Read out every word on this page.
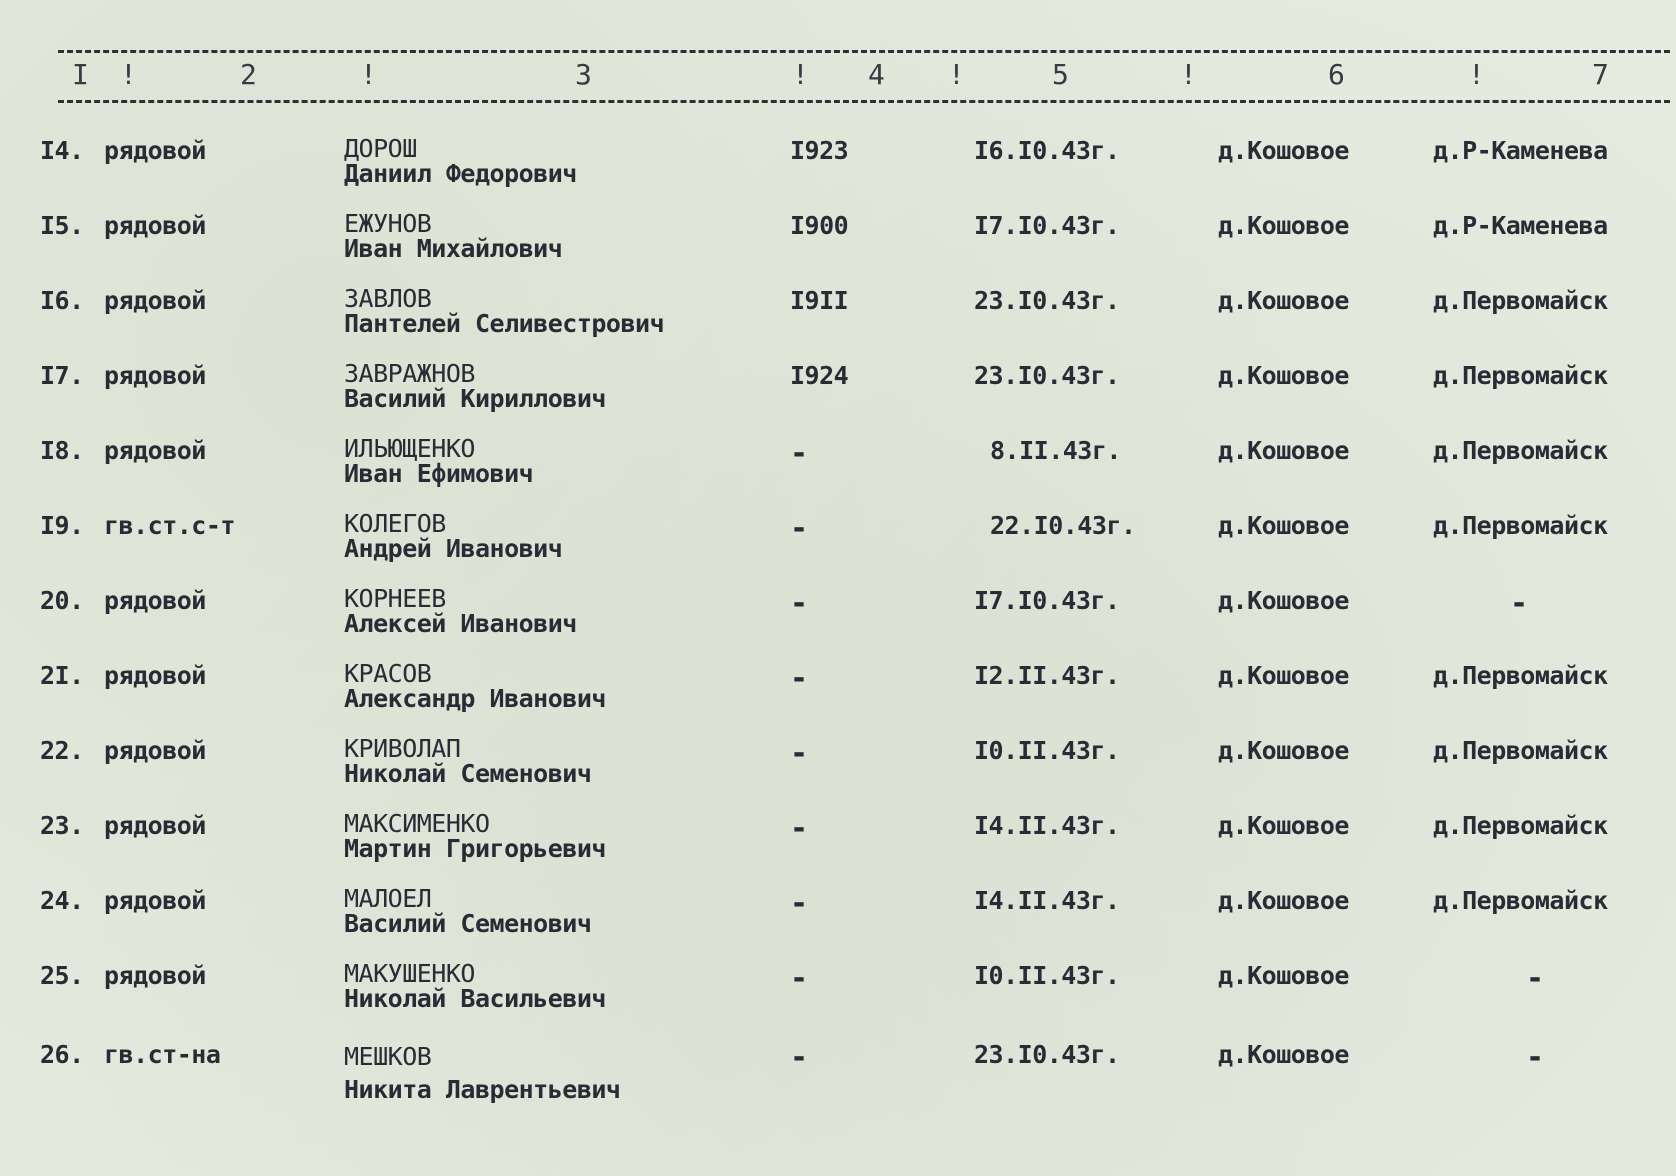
I !	2	!	3	! 4 !	5	!	6	!	7
I4. рядовой	ДОРОШ
Даниил Федорович
I923	I6.I0.43г.	д.Кошовое	д.Р-Каменева
I5. рядовой	ЕЖУНОВ
Иван Михайлович
I900	I7.I0.43г.	д.Кошовое	д.Р-Каменева
I6. рядовой	ЗАВЛОВ
Пантелей Селивестрович
I9II	23.I0.43г.	д.Кошовое	д.Первомайск
I7. рядовой	ЗАВРАЖНОВ
Василий Кириллович
I924	23.I0.43г.	д.Кошовое	д.Первомайск
I8. рядовой	ИЛЬЮЩЕНКО
Иван Ефимович
-	8.II.43г.	д.Кошовое	д.Первомайск
I9. гв.ст.с-т	КОЛЕГОВ
Андрей Иванович
-	22.I0.43г.	д.Кошовое	д.Первомайск
20. рядовой	КОРНЕЕВ
Алексей Иванович
-	I7.I0.43г.	д.Кошовое	-
2I. рядовой	КРАСОВ
Александр Иванович
-	I2.II.43г.	д.Кошовое	д.Первомайск
22. рядовой	КРИВОЛАП
Николай Семенович
-	I0.II.43г.	д.Кошовое	д.Первомайск
23. рядовой	МАКСИМЕНКО
Мартин Григорьевич
-	I4.II.43г.	д.Кошовое	д.Первомайск
24. рядовой	МАЛОЕЛ
Василий Семенович
-	I4.II.43г.	д.Кошовое	д.Первомайск
25. рядовой	МАКУШЕНКО
Николай Васильевич
-	I0.II.43г.	д.Кошовое	-
26. гв.ст-на	МЕШКОВ
Никита Лаврентьевич
-	23.I0.43г.	д.Кошовое	-
